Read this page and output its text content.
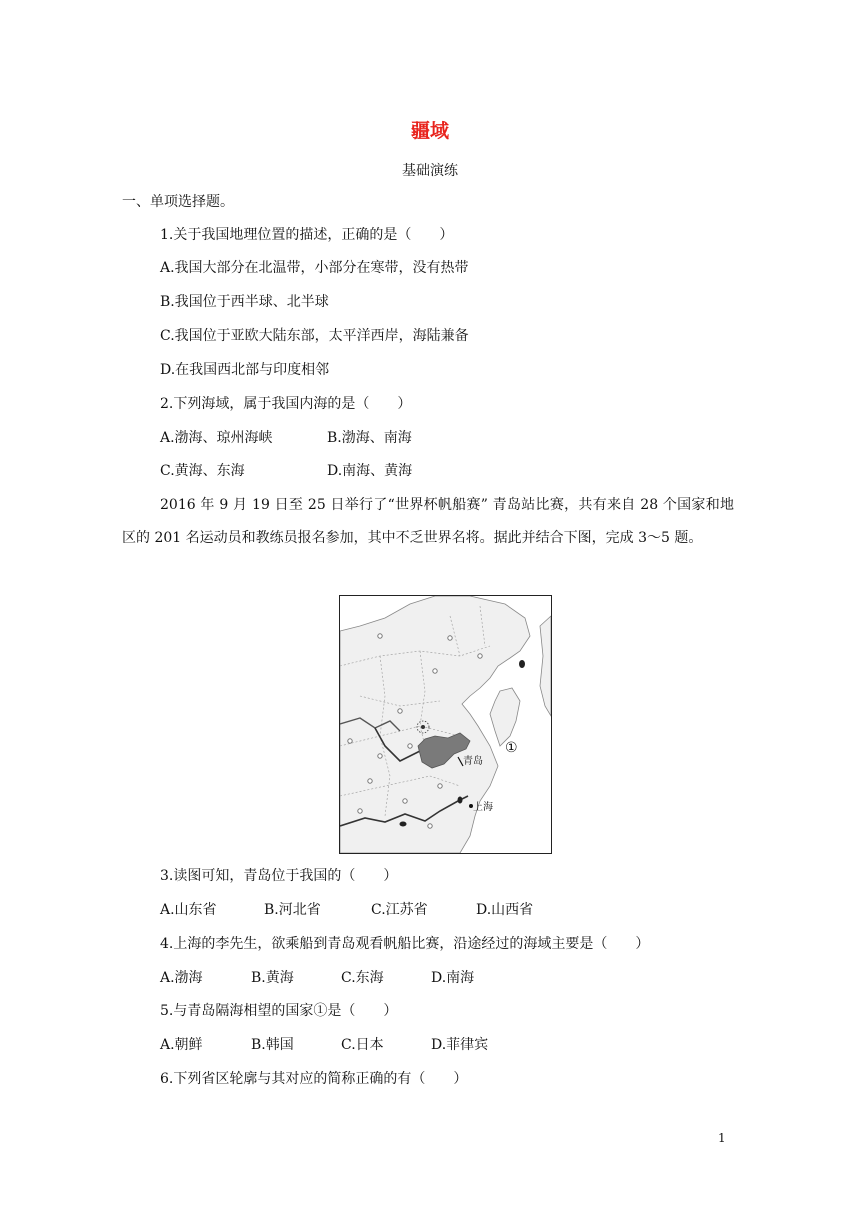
疆域
基础演练
一、单项选择题。
1.关于我国地理位置的描述，正确的是（　　）
A.我国大部分在北温带，小部分在寒带，没有热带
B.我国位于西半球、北半球
C.我国位于亚欧大陆东部，太平洋西岸，海陆兼备
D.在我国西北部与印度相邻
2.下列海域，属于我国内海的是（　　）
A.渤海、琼州海峡	B.渤海、南海
C.黄海、东海	D.南海、黄海
2016 年 9 月 19 日至 25 日举行了“世界杯帆船赛” 青岛站比赛，共有来自 28 个国家和地区的 201 名运动员和教练员报名参加，其中不乏世界名将。据此并结合下图，完成 3～5 题。
青岛
上海
①
3.读图可知，青岛位于我国的（　　）
A.山东省	B.河北省	C.江苏省	D.山西省
4.上海的李先生，欲乘船到青岛观看帆船比赛，沿途经过的海域主要是（　　）
A.渤海	B.黄海	C.东海	D.南海
5.与青岛隔海相望的国家①是（　　）
A.朝鲜	B.韩国	C.日本	D.菲律宾
6.下列省区轮廓与其对应的简称正确的有（　　）
1
